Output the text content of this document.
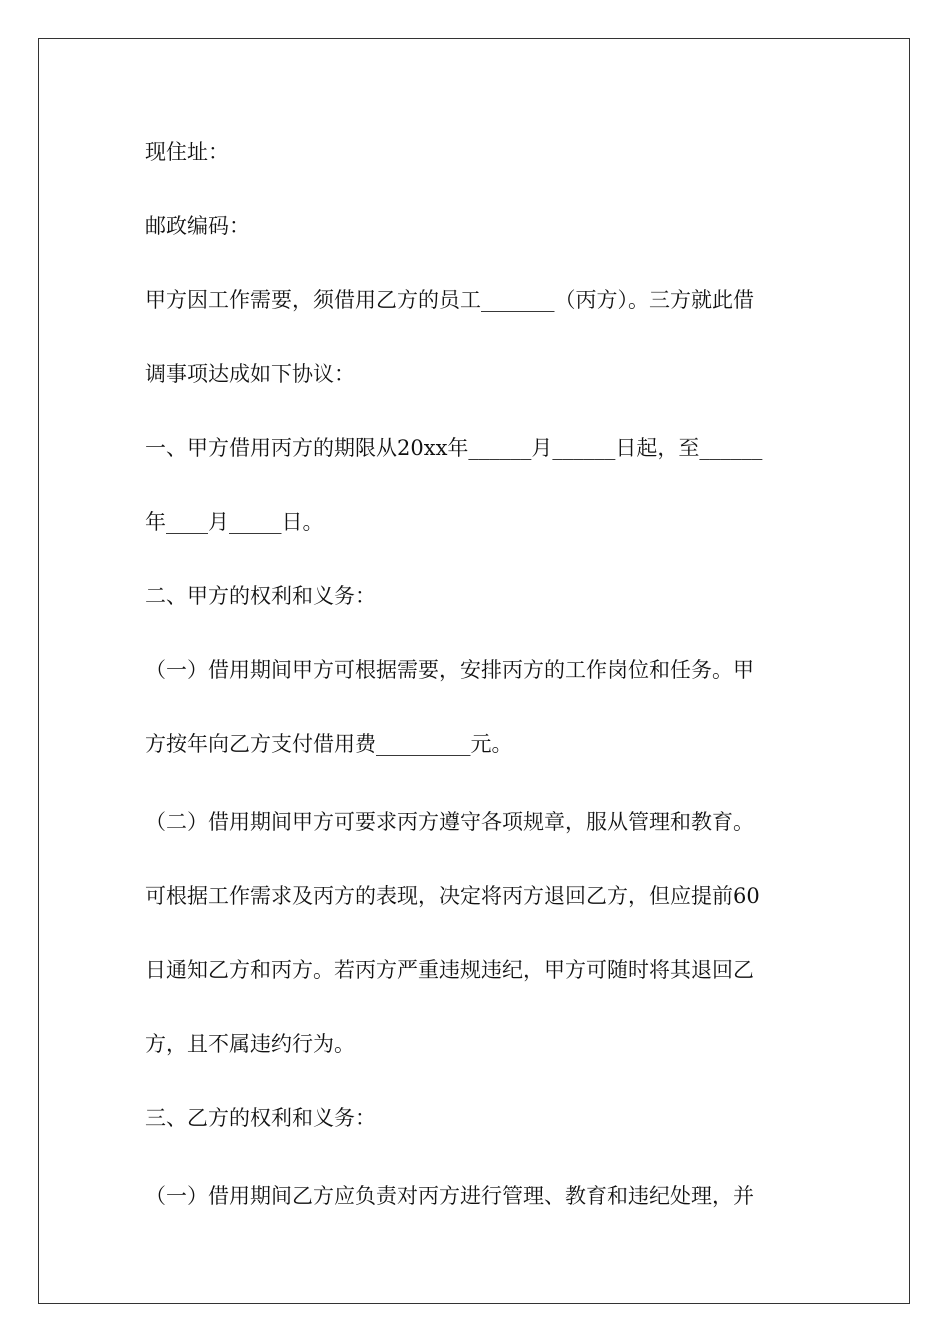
现住址：
邮政编码：
甲方因工作需要，须借用乙方的员工_______（丙方）。三方就此借
调事项达成如下协议：
一、甲方借用丙方的期限从20xx年______月______日起，至______
年____月_____日。
二、甲方的权利和义务：
（一）借用期间甲方可根据需要，安排丙方的工作岗位和任务。甲
方按年向乙方支付借用费_________元。
（二）借用期间甲方可要求丙方遵守各项规章，服从管理和教育。
可根据工作需求及丙方的表现，决定将丙方退回乙方，但应提前60
日通知乙方和丙方。若丙方严重违规违纪，甲方可随时将其退回乙
方，且不属违约行为。
三、乙方的权利和义务：
（一）借用期间乙方应负责对丙方进行管理、教育和违纪处理，并
